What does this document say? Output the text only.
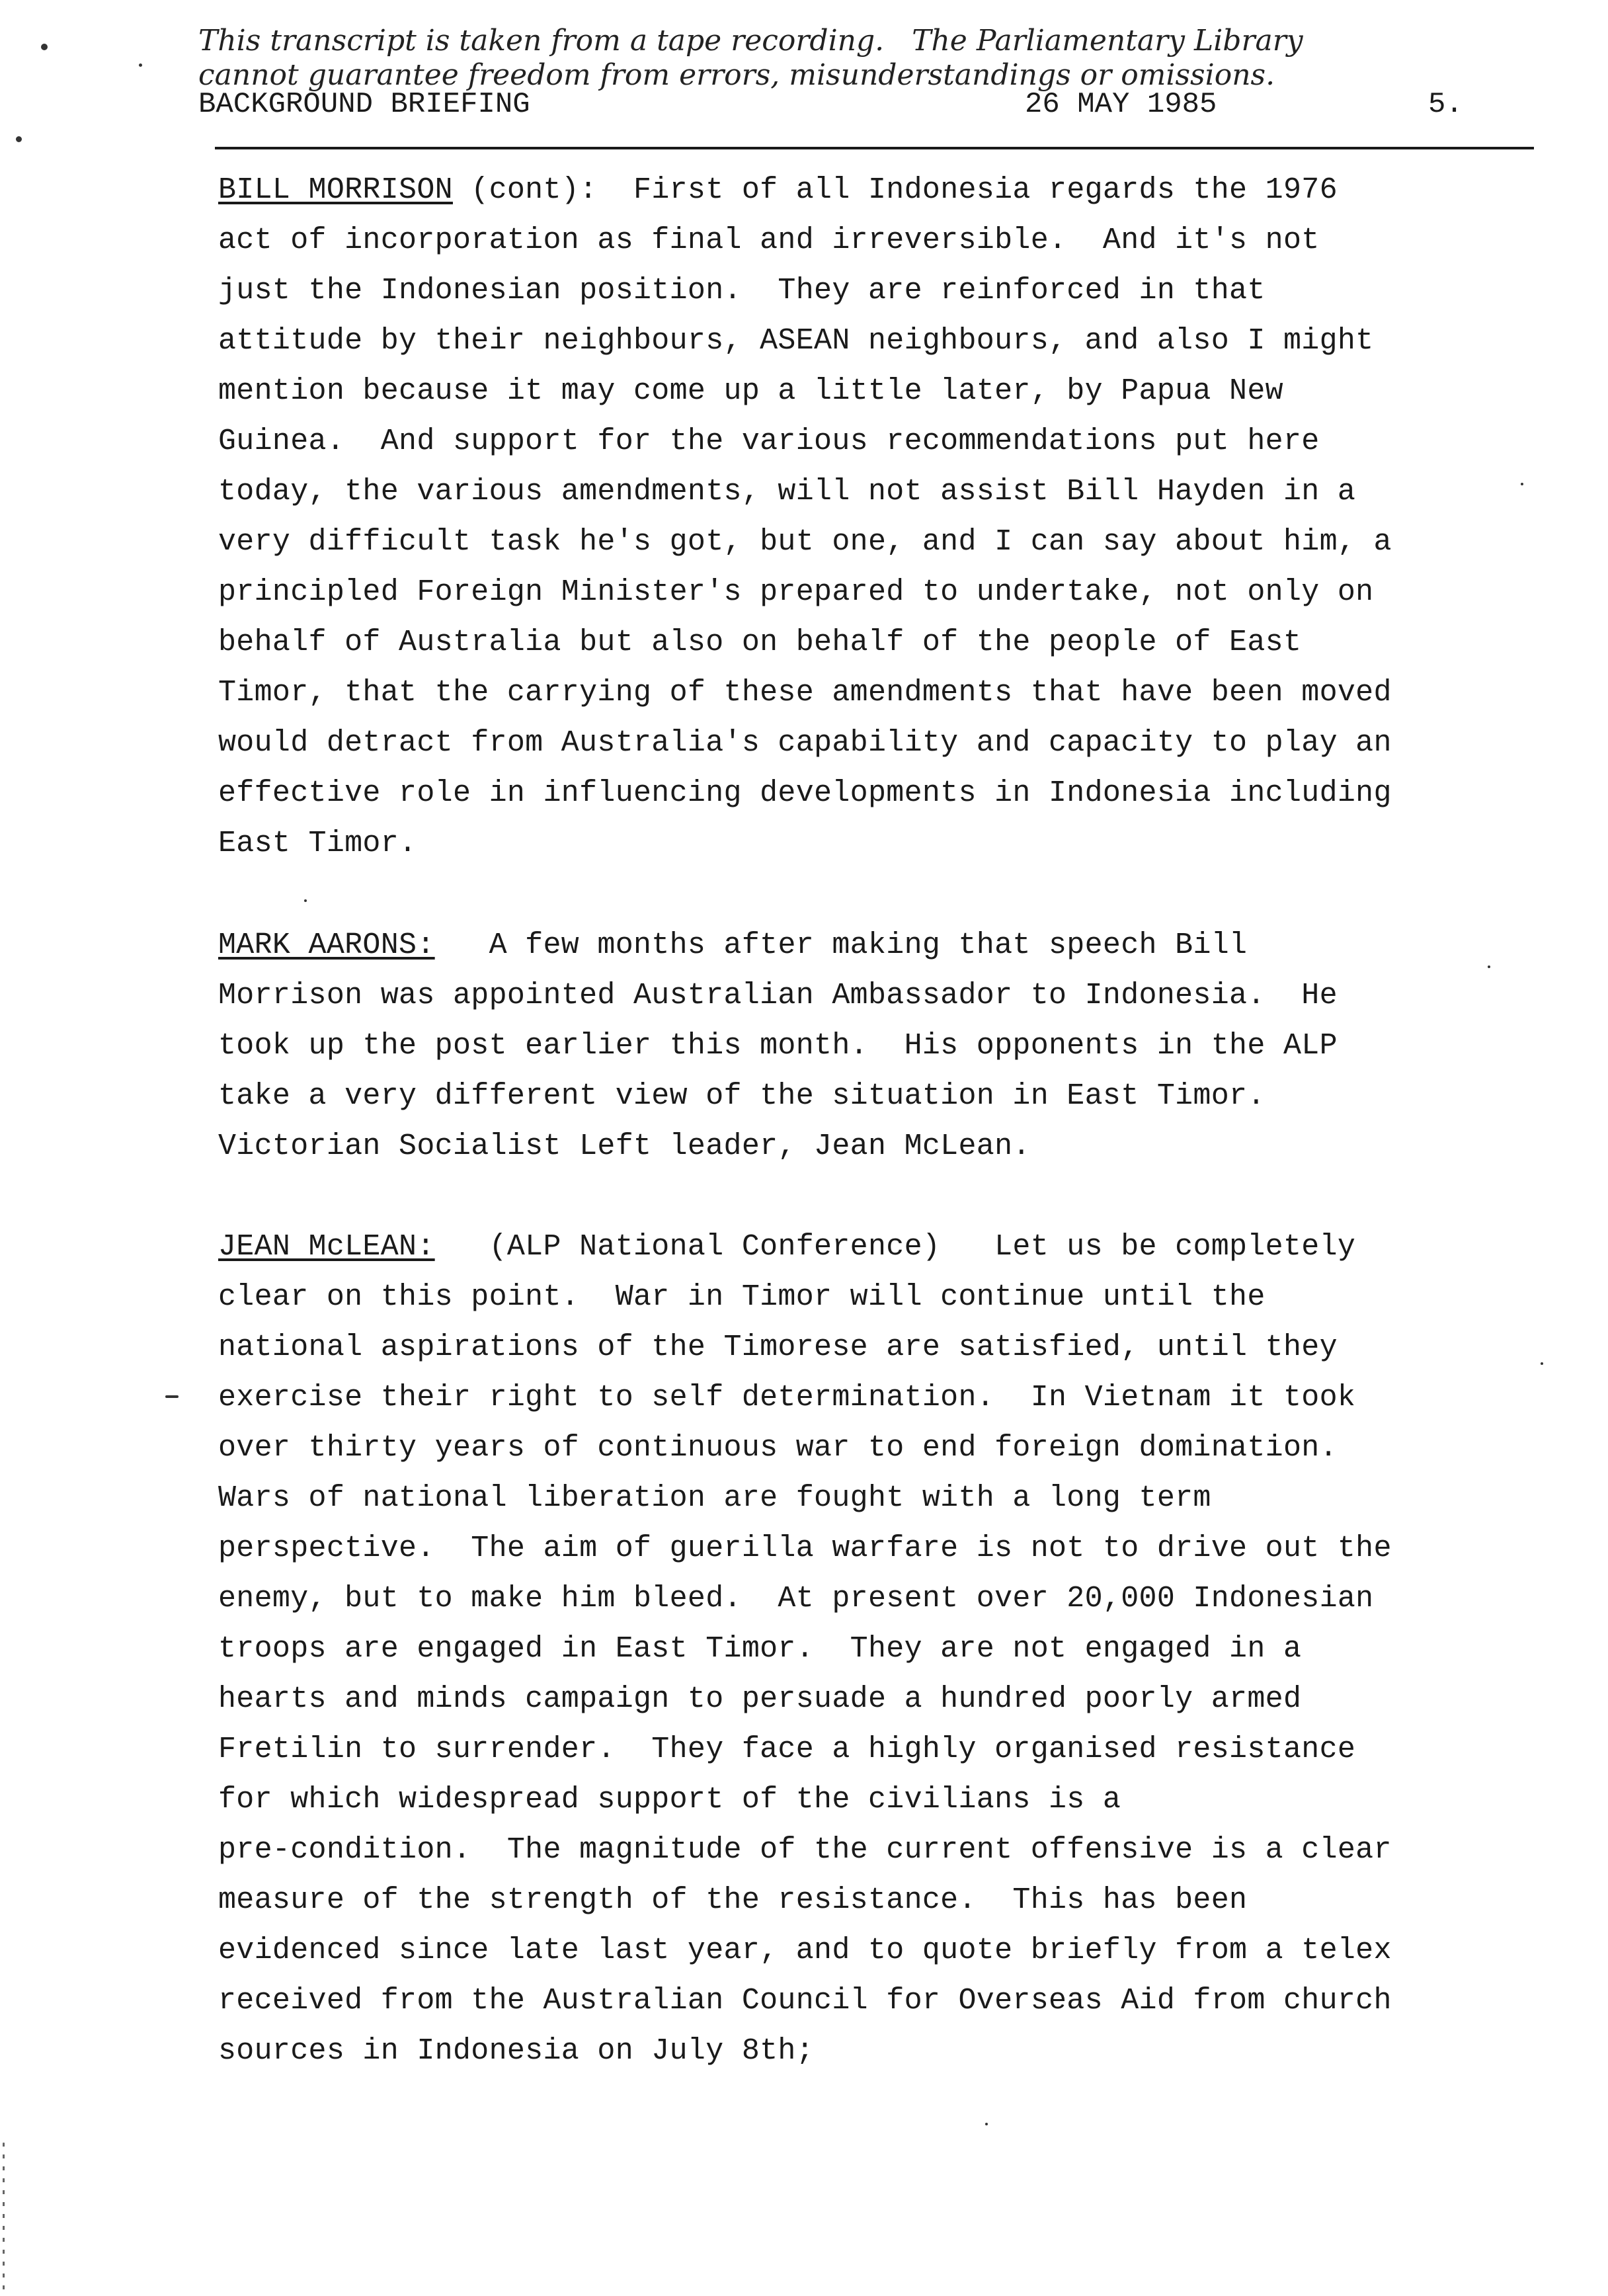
This transcript is taken from a tape recording.   The Parliamentary Library
cannot guarantee freedom from errors, misunderstandings or omissions.
BACKGROUND BRIEFING	26 MAY 1985	5.
BILL MORRISON (cont):  First of all Indonesia regards the 1976
act of incorporation as final and irreversible.  And it's not
just the Indonesian position.  They are reinforced in that
attitude by their neighbours, ASEAN neighbours, and also I might
mention because it may come up a little later, by Papua New
Guinea.  And support for the various recommendations put here
today, the various amendments, will not assist Bill Hayden in a
very difficult task he's got, but one, and I can say about him, a
principled Foreign Minister's prepared to undertake, not only on
behalf of Australia but also on behalf of the people of East
Timor, that the carrying of these amendments that have been moved
would detract from Australia's capability and capacity to play an
effective role in influencing developments in Indonesia including
East Timor.
MARK AARONS:   A few months after making that speech Bill
Morrison was appointed Australian Ambassador to Indonesia.  He
took up the post earlier this month.  His opponents in the ALP
take a very different view of the situation in East Timor.
Victorian Socialist Left leader, Jean McLean.
JEAN McLEAN:   (ALP National Conference)   Let us be completely
clear on this point.  War in Timor will continue until the
national aspirations of the Timorese are satisfied, until they
exercise their right to self determination.  In Vietnam it took
over thirty years of continuous war to end foreign domination.
Wars of national liberation are fought with a long term
perspective.  The aim of guerilla warfare is not to drive out the
enemy, but to make him bleed.  At present over 20,000 Indonesian
troops are engaged in East Timor.  They are not engaged in a
hearts and minds campaign to persuade a hundred poorly armed
Fretilin to surrender.  They face a highly organised resistance
for which widespread support of the civilians is a
pre-condition.  The magnitude of the current offensive is a clear
measure of the strength of the resistance.  This has been
evidenced since late last year, and to quote briefly from a telex
received from the Australian Council for Overseas Aid from church
sources in Indonesia on July 8th;
